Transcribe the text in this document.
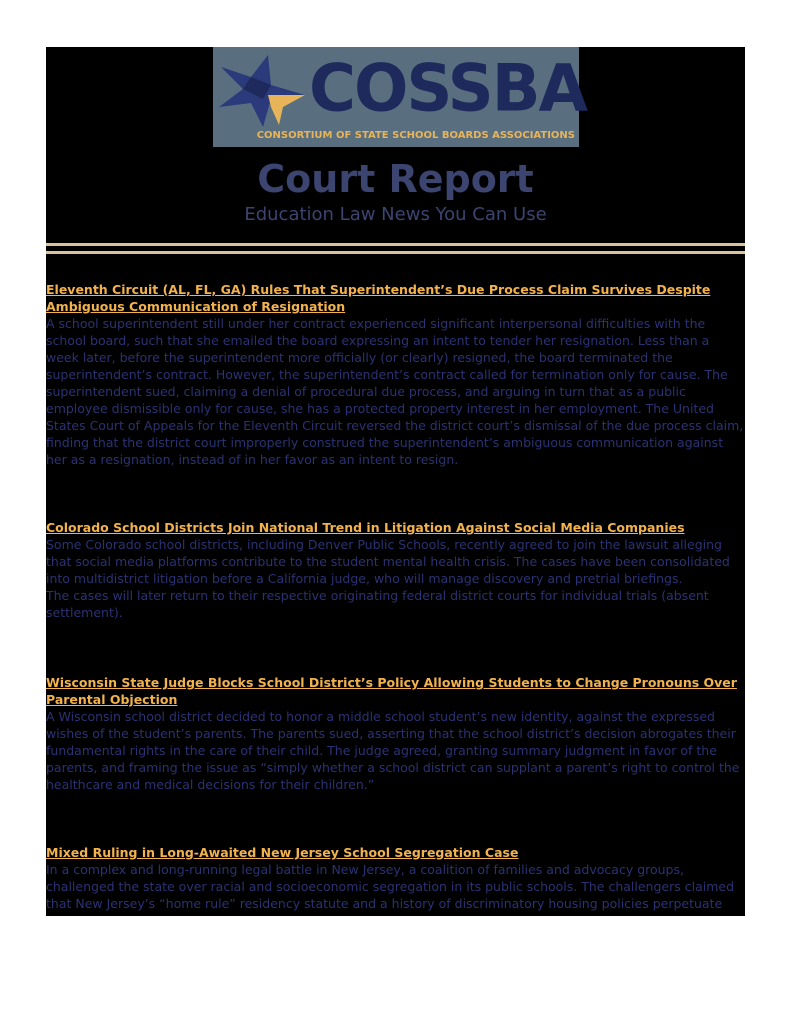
COSSBA
CONSORTIUM OF STATE SCHOOL BOARDS ASSOCIATIONS
Court Report
Education Law News You Can Use

Eleventh Circuit (AL, FL, GA) Rules That Superintendent’s Due Process Claim Survives Despite Ambiguous Communication of Resignation

A school superintendent still under her contract experienced significant interpersonal difficulties with the school board, such that she emailed the board expressing an intent to tender her resignation. Less than a week later, before the superintendent more officially (or clearly) resigned, the board terminated the superintendent’s contract. However, the superintendent’s contract called for termination only for cause. The superintendent sued, claiming a denial of procedural due process, and arguing in turn that as a public employee dismissible only for cause, she has a protected property interest in her employment. The United States Court of Appeals for the Eleventh Circuit reversed the district court’s dismissal of the due process claim, finding that the district court improperly construed the superintendent’s ambiguous communication against her as a resignation, instead of in her favor as an intent to resign.

Colorado School Districts Join National Trend in Litigation Against Social Media Companies

Some Colorado school districts, including Denver Public Schools, recently agreed to join the lawsuit alleging that social media platforms contribute to the student mental health crisis. The cases have been consolidated into multidistrict litigation before a California judge, who will manage discovery and pretrial briefings.

The cases will later return to their respective originating federal district courts for individual trials (absent settlement).

Wisconsin State Judge Blocks School District’s Policy Allowing Students to Change Pronouns Over Parental Objection

A Wisconsin school district decided to honor a middle school student’s new identity, against the expressed wishes of the student’s parents. The parents sued, asserting that the school district’s decision abrogates their fundamental rights in the care of their child. The judge agreed, granting summary judgment in favor of the parents, and framing the issue as “simply whether a school district can supplant a parent’s right to control the healthcare and medical decisions for their children.”

Mixed Ruling in Long-Awaited New Jersey School Segregation Case

In a complex and long-running legal battle in New Jersey, a coalition of families and advocacy groups, challenged the state over racial and socioeconomic segregation in its public schools. The challengers claimed that New Jersey’s “home rule” residency statute and a history of discriminatory housing policies perpetuate
